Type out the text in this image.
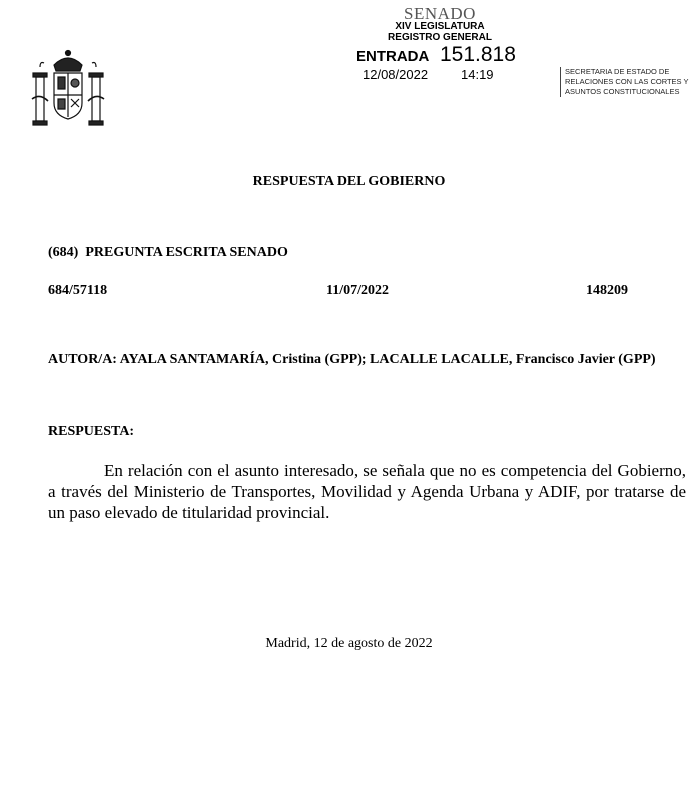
SENADO
XIV LEGISLATURA
REGISTRO GENERAL
ENTRADA 151.818
12/08/2022	14:19	SECRETARIA DE ESTADO DE
RELACIONES CON LAS CORTES Y
ASUNTOS CONSTITUCIONALES
RESPUESTA DEL GOBIERNO
(684)  PREGUNTA ESCRITA SENADO
684/57118	11/07/2022	148209
AUTOR/A: AYALA SANTAMARÍA, Cristina (GPP); LACALLE LACALLE, Francisco Javier (GPP)
RESPUESTA:
En relación con el asunto interesado, se señala que no es competencia del Gobierno, a través del Ministerio de Transportes, Movilidad y Agenda Urbana y ADIF, por tratarse de un paso elevado de titularidad provincial.
Madrid, 12 de agosto de 2022
